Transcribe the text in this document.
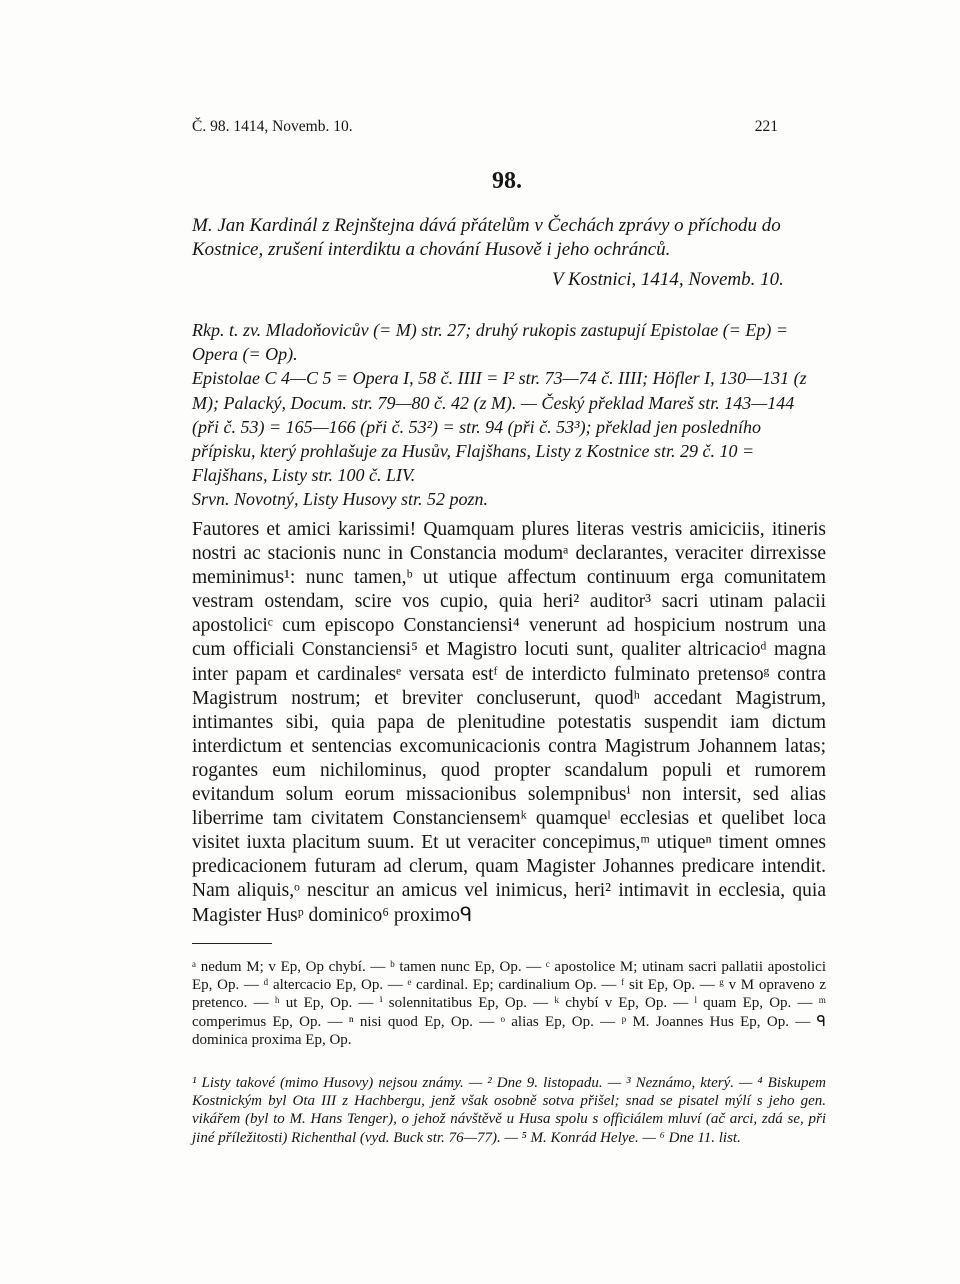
Č. 98. 1414, Novemb. 10.	221
98.

M. Jan Kardinál z Rejnštejna dává přátelům v Čechách zprávy o příchodu do Kostnice, zrušení interdiktu a chování Husově i jeho ochránců.

V Kostnici, 1414, Novemb. 10.

Rkp. t. zv. Mladoňovicův (= M) str. 27; druhý rukopis zastupují Epistolae (= Ep) = Opera (= Op).

Epistolae C 4—C 5 = Opera I, 58 č. IIII = I² str. 73—74 č. IIII; Höfler I, 130—131 (z M); Palacký, Docum. str. 79—80 č. 42 (z M). — Český překlad Mareš str. 143—144 (při č. 53) = 165—166 (při č. 53²) = str. 94 (při č. 53³); překlad jen posledního přípisku, který prohlašuje za Husův, Flajšhans, Listy z Kostnice str. 29 č. 10 = Flajšhans, Listy str. 100 č. LIV.

Srvn. Novotný, Listy Husovy str. 52 pozn.

Fautores et amici karissimi! Quamquam plures literas vestris amiciciis, itineris nostri ac stacionis nunc in Constancia modumᵃ declarantes, veraciter dirrexisse meminimus¹: nunc tamen,ᵇ ut utique affectum continuum erga comunitatem vestram ostendam, scire vos cupio, quia heri² auditor³ sacri utinam palacii apostoliciᶜ cum episcopo Constanciensi⁴ venerunt ad hospicium nostrum una cum officiali Constanciensi⁵ et Magistro locuti sunt, qualiter altricacioᵈ magna inter papam et cardinalesᵉ versata estᶠ de interdicto fulminato pretensoᵍ contra Magistrum nostrum; et breviter concluserunt, quodʰ accedant Magistrum, intimantes sibi, quia papa de plenitudine potestatis suspendit iam dictum interdictum et sentencias excomunicacionis contra Magistrum Johannem latas; rogantes eum nichilominus, quod propter scandalum populi et rumorem evitandum solum eorum missacionibus solempnibusⁱ non intersit, sed alias liberrime tam civitatem Constanciensemᵏ quamqueˡ ecclesias et quelibet loca visitet iuxta placitum suum. Et ut veraciter concepimus,ᵐ utiqueⁿ timent omnes predicacionem futuram ad clerum, quam Magister Johannes predicare intendit. Nam aliquis,ᵒ nescitur an amicus vel inimicus, heri² intimavit in ecclesia, quia Magister Husᵖ dominico⁶ proximoᑫ

ᵃ nedum M; v Ep, Op chybí. — ᵇ tamen nunc Ep, Op. — ᶜ apostolice M; utinam sacri pallatii apostolici Ep, Op. — ᵈ altercacio Ep, Op. — ᵉ cardinal. Ep; cardinalium Op. — ᶠ sit Ep, Op. — ᵍ v M opraveno z pretenco. — ʰ ut Ep, Op. — ⁱ solennitatibus Ep, Op. — ᵏ chybí v Ep, Op. — ˡ quam Ep, Op. — ᵐ comperimus Ep, Op. — ⁿ nisi quod Ep, Op. — ᵒ alias Ep, Op. — ᵖ M. Joannes Hus Ep, Op. — ᑫ dominica proxima Ep, Op.

¹ Listy takové (mimo Husovy) nejsou známy. — ² Dne 9. listopadu. — ³ Neznámo, který. — ⁴ Biskupem Kostnickým byl Ota III z Hachbergu, jenž však osobně sotva přišel; snad se pisatel mýlí s jeho gen. vikářem (byl to M. Hans Tenger), o jehož návštěvě u Husa spolu s officiálem mluví (ač arci, zdá se, při jiné příležitosti) Richenthal (vyd. Buck str. 76—77). — ⁵ M. Konrád Helye. — ⁶ Dne 11. list.
